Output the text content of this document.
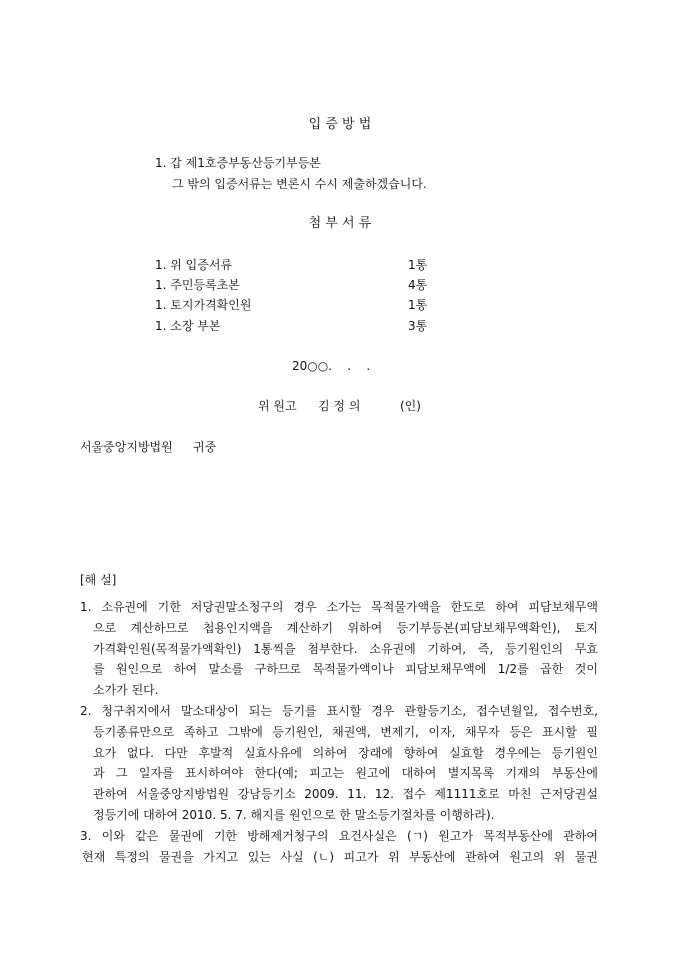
입 증 방 법
1. 갑 제1호증부동산등기부등본
그 밖의 입증서류는 변론시 수시 제출하겠습니다.
첨 부 서 류
1. 위 입증서류	1통
1. 주민등록초본	4통
1. 토지가격확인원	1통
1. 소장 부본	3통
20○○.    .    .
위 원고 김 정 의	(인)
서울중앙지방법원 귀중
[해 설]
1. 소유권에 기한 저당권말소청구의 경우 소가는 목적물가액을 한도로 하여 피담보채무액
으로 계산하므로 첩용인지액을 계산하기 위하여 등기부등본(피담보채무액확인), 토지
가격확인원(목적물가액확인) 1통씩을 첨부한다. 소유권에 기하여, 즉, 등기원인의 무효
를 원인으로 하여 말소를 구하므로 목적물가액이나 피담보채무액에 1/2를 곱한 것이
소가가 된다.
2. 청구취지에서 말소대상이 되는 등기를 표시할 경우 관할등기소, 접수년월일, 접수번호,
등기종류만으로 족하고 그밖에 등기원인, 채권액, 변제기, 이자, 채무자 등은 표시할 필
요가 없다. 다만 후발적 실효사유에 의하여 장래에 향하여 실효할 경우에는 등기원인
과 그 일자를 표시하여야 한다(예; 피고는 원고에 대하여 별지목록 기재의 부동산에
관하여 서울중앙지방법원 강남등기소 2009. 11. 12. 접수 제1111호로 마친 근저당권설
정등기에 대하여 2010. 5. 7. 해지를 원인으로 한 말소등기절차를 이행하라).
3. 이와 같은 물권에 기한 방해제거청구의 요건사실은 (ㄱ) 원고가 목적부동산에 관하여
현재 특정의 물권을 가지고 있는 사실 (ㄴ) 피고가 위 부동산에 관하여 원고의 위 물권
